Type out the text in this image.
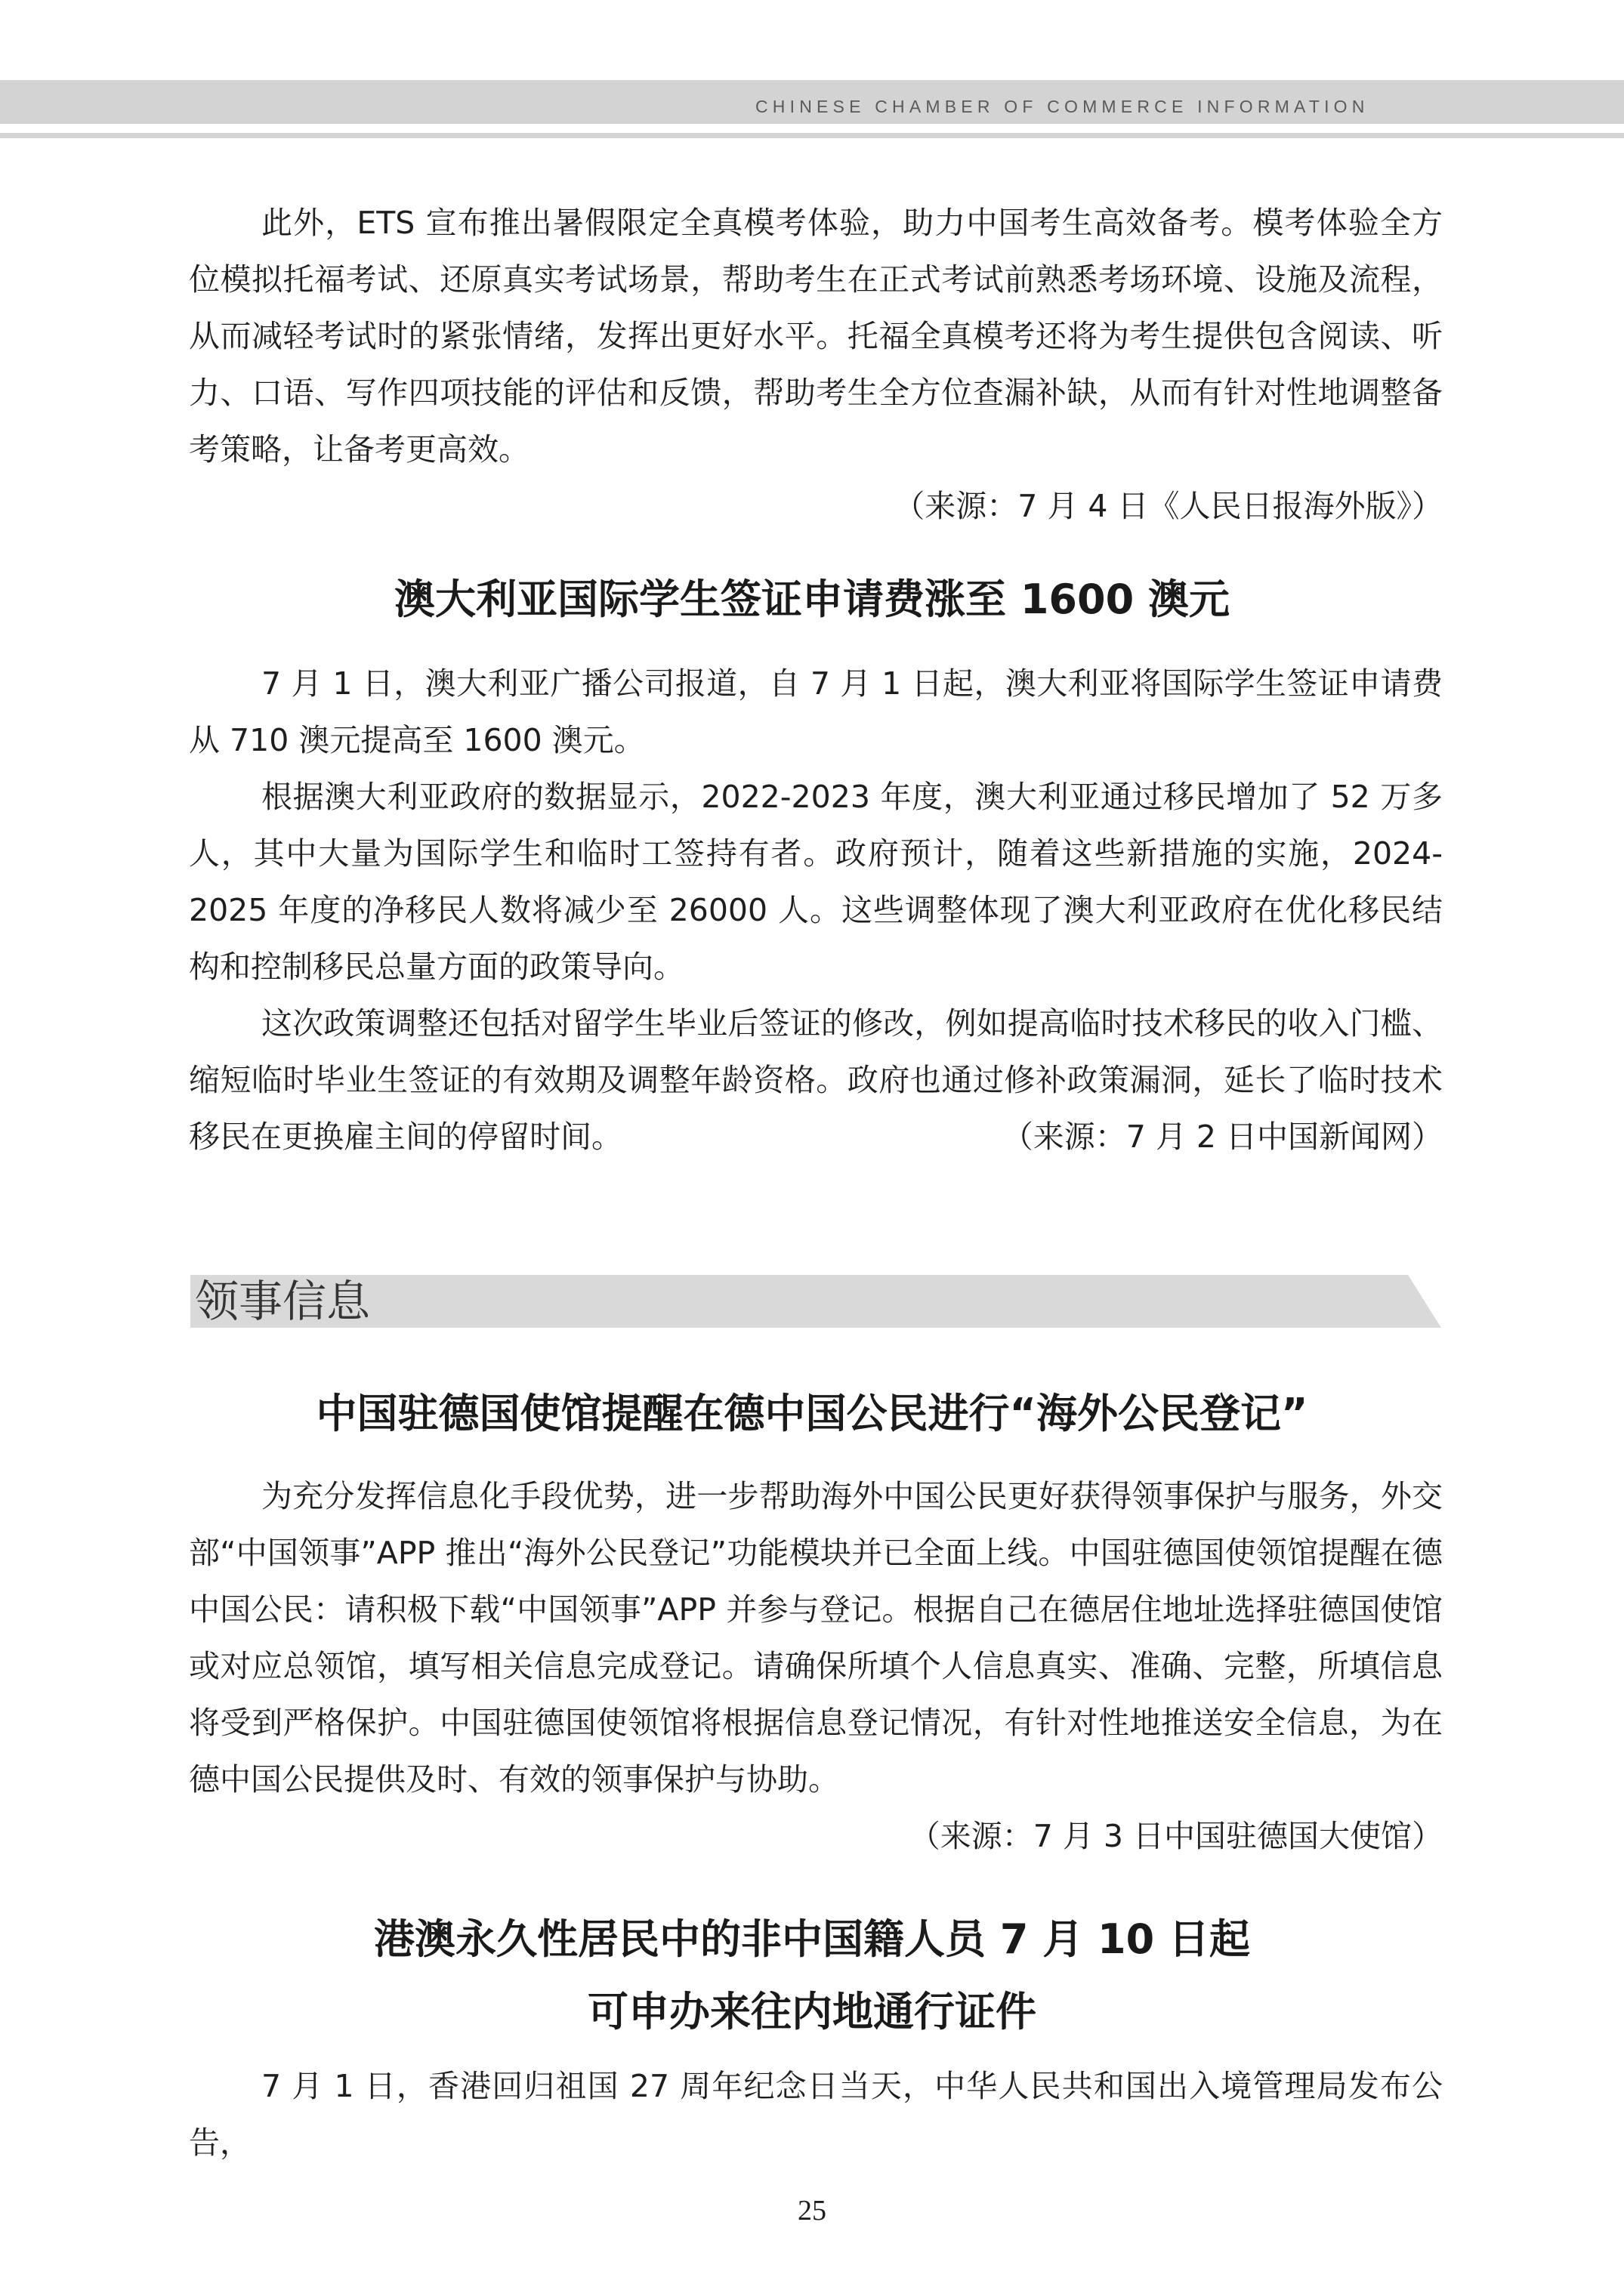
CHINESE CHAMBER OF COMMERCE INFORMATION

此外，ETS 宣布推出暑假限定全真模考体验，助力中国考生高效备考。模考体验全方位模拟托福考试、还原真实考试场景，帮助考生在正式考试前熟悉考场环境、设施及流程，从而减轻考试时的紧张情绪，发挥出更好水平。托福全真模考还将为考生提供包含阅读、听力、口语、写作四项技能的评估和反馈，帮助考生全方位查漏补缺，从而有针对性地调整备考策略，让备考更高效。
（来源：7 月 4 日《人民日报海外版》）

澳大利亚国际学生签证申请费涨至 1600 澳元

7 月 1 日，澳大利亚广播公司报道，自 7 月 1 日起，澳大利亚将国际学生签证申请费从 710 澳元提高至 1600 澳元。

根据澳大利亚政府的数据显示，2022-2023 年度，澳大利亚通过移民增加了 52 万多人，其中大量为国际学生和临时工签持有者。政府预计，随着这些新措施的实施，2024-2025 年度的净移民人数将减少至 26000 人。这些调整体现了澳大利亚政府在优化移民结构和控制移民总量方面的政策导向。

这次政策调整还包括对留学生毕业后签证的修改，例如提高临时技术移民的收入门槛、缩短临时毕业生签证的有效期及调整年龄资格。政府也通过修补政策漏洞，延长了临时技术移民在更换雇主间的停留时间。	（来源：7 月 2 日中国新闻网）

领事信息
中国驻德国使馆提醒在德中国公民进行“海外公民登记”

为充分发挥信息化手段优势，进一步帮助海外中国公民更好获得领事保护与服务，外交部“中国领事”APP 推出“海外公民登记”功能模块并已全面上线。中国驻德国使领馆提醒在德中国公民：请积极下载“中国领事”APP 并参与登记。根据自己在德居住地址选择驻德国使馆或对应总领馆，填写相关信息完成登记。请确保所填个人信息真实、准确、完整，所填信息将受到严格保护。中国驻德国使领馆将根据信息登记情况，有针对性地推送安全信息，为在德中国公民提供及时、有效的领事保护与协助。
（来源：7 月 3 日中国驻德国大使馆）

港澳永久性居民中的非中国籍人员 7 月 10 日起
可申办来往内地通行证件

7 月 1 日，香港回归祖国 27 周年纪念日当天，中华人民共和国出入境管理局发布公告，

25
